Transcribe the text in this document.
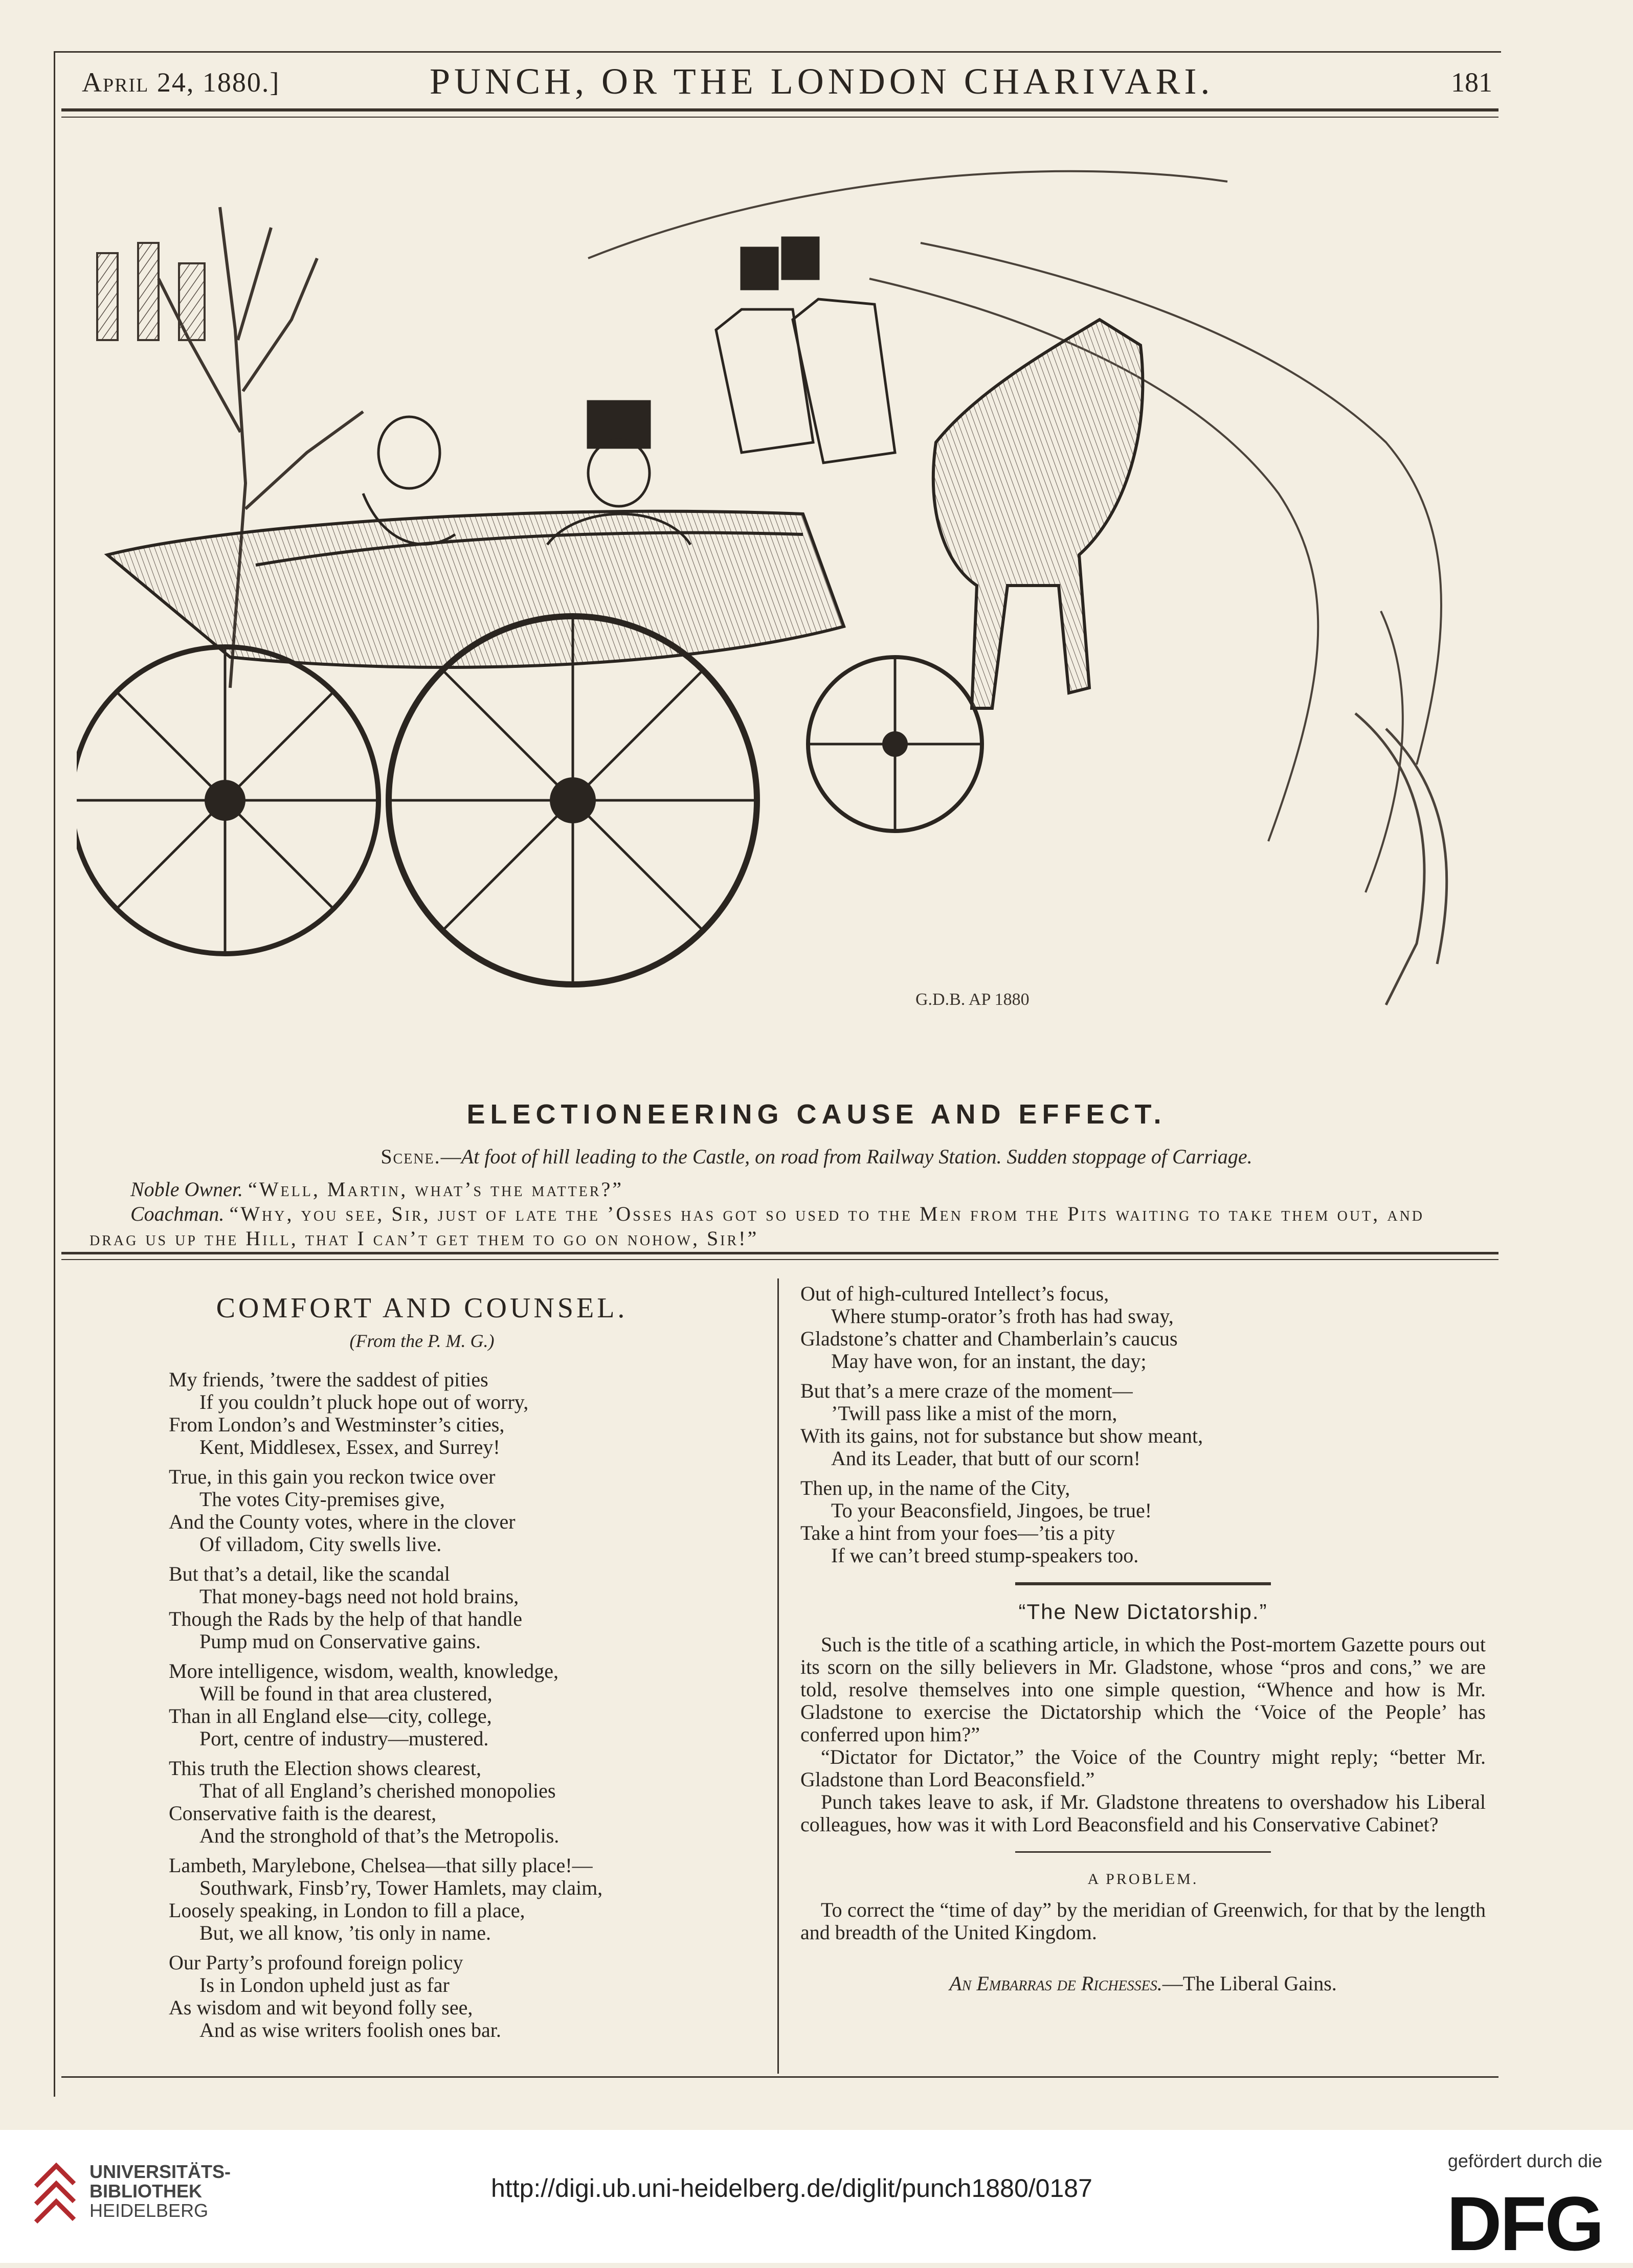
April 24, 1880.]	PUNCH, OR THE LONDON CHARIVARI.	181
G.D.B. AP 1880
ELECTIONEERING CAUSE AND EFFECT.
Scene.—At foot of hill leading to the Castle, on road from Railway Station. Sudden stoppage of Carriage.

Noble Owner. “Well, Martin, what’s the matter?”

Coachman. “Why, you see, Sir, just of late the ’Osses has got so used to the Men from the Pits waiting to take them out, and drag us up the Hill, that I can’t get them to go on nohow, Sir!”

COMFORT AND COUNSEL.
(From the P. M. G.)
My friends, ’twere the saddest of pities
If you couldn’t pluck hope out of worry,
From London’s and Westminster’s cities,
Kent, Middlesex, Essex, and Surrey!
True, in this gain you reckon twice over
The votes City-premises give,
And the County votes, where in the clover
Of villadom, City swells live.
But that’s a detail, like the scandal
That money-bags need not hold brains,
Though the Rads by the help of that handle
Pump mud on Conservative gains.
More intelligence, wisdom, wealth, knowledge,
Will be found in that area clustered,
Than in all England else—city, college,
Port, centre of industry—mustered.
This truth the Election shows clearest,
That of all England’s cherished monopolies
Conservative faith is the dearest,
And the stronghold of that’s the Metropolis.
Lambeth, Marylebone, Chelsea—that silly place!—
Southwark, Finsb’ry, Tower Hamlets, may claim,
Loosely speaking, in London to fill a place,
But, we all know, ’tis only in name.
Our Party’s profound foreign policy
Is in London upheld just as far
As wisdom and wit beyond folly see,
And as wise writers foolish ones bar.
Out of high-cultured Intellect’s focus,
Where stump-orator’s froth has had sway,
Gladstone’s chatter and Chamberlain’s caucus
May have won, for an instant, the day;
But that’s a mere craze of the moment—
’Twill pass like a mist of the morn,
With its gains, not for substance but show meant,
And its Leader, that butt of our scorn!
Then up, in the name of the City,
To your Beaconsfield, Jingoes, be true!
Take a hint from your foes—’tis a pity
If we can’t breed stump-speakers too.
“The New Dictatorship.”

Such is the title of a scathing article, in which the Post-mortem Gazette pours out its scorn on the silly believers in Mr. Gladstone, whose “pros and cons,” we are told, resolve themselves into one simple question, “Whence and how is Mr. Gladstone to exercise the Dictatorship which the ‘Voice of the People’ has conferred upon him?”

“Dictator for Dictator,” the Voice of the Country might reply; “better Mr. Gladstone than Lord Beaconsfield.”

Punch takes leave to ask, if Mr. Gladstone threatens to overshadow his Liberal colleagues, how was it with Lord Beaconsfield and his Conservative Cabinet?

A PROBLEM.

To correct the “time of day” by the meridian of Greenwich, for that by the length and breadth of the United Kingdom.

An Embarras de Richesses.—The Liberal Gains.
UNIVERSITÄTS-
BIBLIOTHEK
HEIDELBERG
http://digi.ub.uni-heidelberg.de/diglit/punch1880/0187
gefördert durch die
DFG
